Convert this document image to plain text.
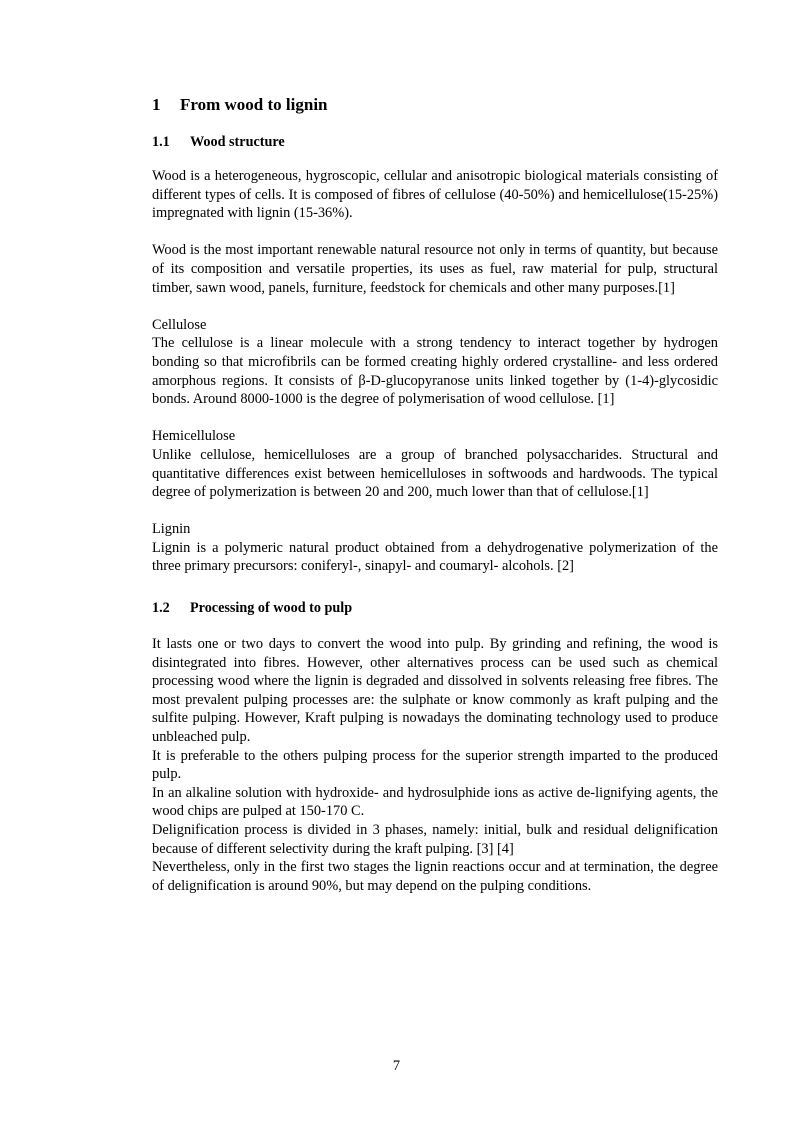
1 From wood to lignin
1.1 Wood structure

Wood is a heterogeneous, hygroscopic, cellular and anisotropic biological materials consisting of different types of cells. It is composed of fibres of cellulose (40-50%) and hemicellulose(15-25%) impregnated with lignin (15-36%).

Wood is the most important renewable natural resource not only in terms of quantity, but because of its composition and versatile properties, its uses as fuel, raw material for pulp, structural timber, sawn wood, panels, furniture, feedstock for chemicals and other many purposes.[1]

Cellulose

The cellulose is a linear molecule with a strong tendency to interact together by hydrogen bonding so that microfibrils can be formed creating highly ordered crystalline- and less ordered amorphous regions. It consists of β-D-glucopyranose units linked together by (1-4)-glycosidic bonds. Around 8000-1000 is the degree of polymerisation of wood cellulose. [1]

Hemicellulose

Unlike cellulose, hemicelluloses are a group of branched polysaccharides. Structural and quantitative differences exist between hemicelluloses in softwoods and hardwoods. The typical degree of polymerization is between 20 and 200, much lower than that of cellulose.[1]

Lignin

Lignin is a polymeric natural product obtained from a dehydrogenative polymerization of the three primary precursors: coniferyl-, sinapyl- and coumaryl- alcohols. [2]

1.2 Processing of wood to pulp

It lasts one or two days to convert the wood into pulp. By grinding and refining, the wood is disintegrated into fibres. However, other alternatives process can be used such as chemical processing wood where the lignin is degraded and dissolved in solvents releasing free fibres. The most prevalent pulping processes are: the sulphate or know commonly as kraft pulping and the sulfite pulping. However, Kraft pulping is nowadays the dominating technology used to produce unbleached pulp.

It is preferable to the others pulping process for the superior strength imparted to the produced pulp.

In an alkaline solution with hydroxide- and hydrosulphide ions as active de-lignifying agents, the wood chips are pulped at 150-170 C.

Delignification process is divided in 3 phases, namely: initial, bulk and residual delignification because of different selectivity during the kraft pulping. [3] [4]

Nevertheless, only in the first two stages the lignin reactions occur and at termination, the degree of delignification is around 90%, but may depend on the pulping conditions.

7
